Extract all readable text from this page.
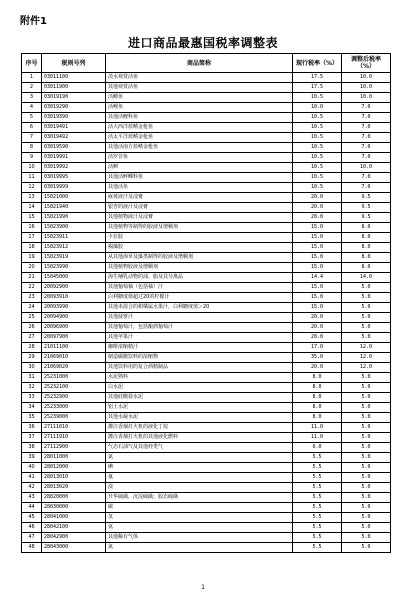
附件1
进口商品最惠国税率调整表
序号	税则号列	商品简称	现行税率（%）	调整后税率（%）
1	03011100	淡水观赏活鱼	17.5	10.0
2	03011900	其他观赏活鱼	17.5	10.0
3	03019190	活鳟鱼	10.5	10.0
4	03019290	活鳗鱼	10.0	7.0
5	03019390	其他活鲤科鱼	10.5	7.0
6	03019491	活大西洋蓝鳍金枪鱼	10.5	7.0
7	03019492	活太平洋蓝鳍金枪鱼	10.5	7.0
8	03019590	其他活南方蓝鳍金枪鱼	10.5	7.0
9	03019991	活罗非鱼	10.5	7.0
10	03019992	活鲥	10.5	10.0
11	03019995	其他活鲆鲽科鱼	10.5	7.0
12	03019999	其他活鱼	10.5	7.0
13	15021000	麻黄液汁及浸膏	20.0	9.5
14	15021940	银杏的液汁及浸膏	20.0	9.5
15	15021990	其他植物液汁及浸膏	20.0	9.5
16	15023900	其他植物等制得的胶液及增稠剂	15.0	8.0
17	15023911	卡拉胶	15.0	8.0
18	15023912	褐藻胶	15.0	8.0
19	15023919	从其他海草及藻类制得的胶液及增稠剂	15.0	8.0
20	15023990	其他植物胶液及增稠剂	15.0	8.0
21	15045000	海生哺乳动物的油、脂及其分离品	14.4	14.0
22	20092900	其他葡萄柚（包括柚）汁	15.0	5.0
23	20093910	白利糖度值超过20的柠檬汁	15.0	5.0
24	20093990	其他未混合的柑橘属水果汁，白利糖度值＞20	15.0	5.0
25	20094900	其他菠萝汁	20.0	5.0
26	20096900	其他葡萄汁，包括酿酒葡萄汁	20.0	5.0
27	20097900	其他苹果汁	20.0	5.0
28	21011100	咖啡浓缩精汁	17.0	12.0
29	21069010	制造碳酸饮料的浓缩物	35.0	12.0
30	21069020	其他饮料用的复合酒精制品	20.0	12.0
31	25231000	水泥熟料	8.0	5.0
32	25232100	白水泥	8.0	5.0
33	25232900	其他硅酸盐水泥	8.0	5.0
34	25233000	铝土水泥	8.0	5.0
35	25239000	其他水凝水泥	8.0	5.0
36	27111010	灌注香烟打火机的液化丁烷	11.0	5.0
37	27111910	灌注香烟打火机的其他液化燃料	11.0	5.0
38	27112900	气态石油气及其他烃类气	6.0	5.0
39	28011000	氯	5.5	5.0
40	28012000	碘	5.5	5.0
41	28013010	氟	5.5	5.0
42	28013020	溴	5.5	5.0
43	28020000	升华硫磺、沉淀硫磺；胶态硫磺	5.5	5.0
44	28030000	碳	5.5	5.0
45	28041000	氢	5.5	5.0
46	28042100	氩	5.5	5.0
47	28042900	其他稀有气体	5.5	5.0
48	28043000	氮	5.5	5.0
1
